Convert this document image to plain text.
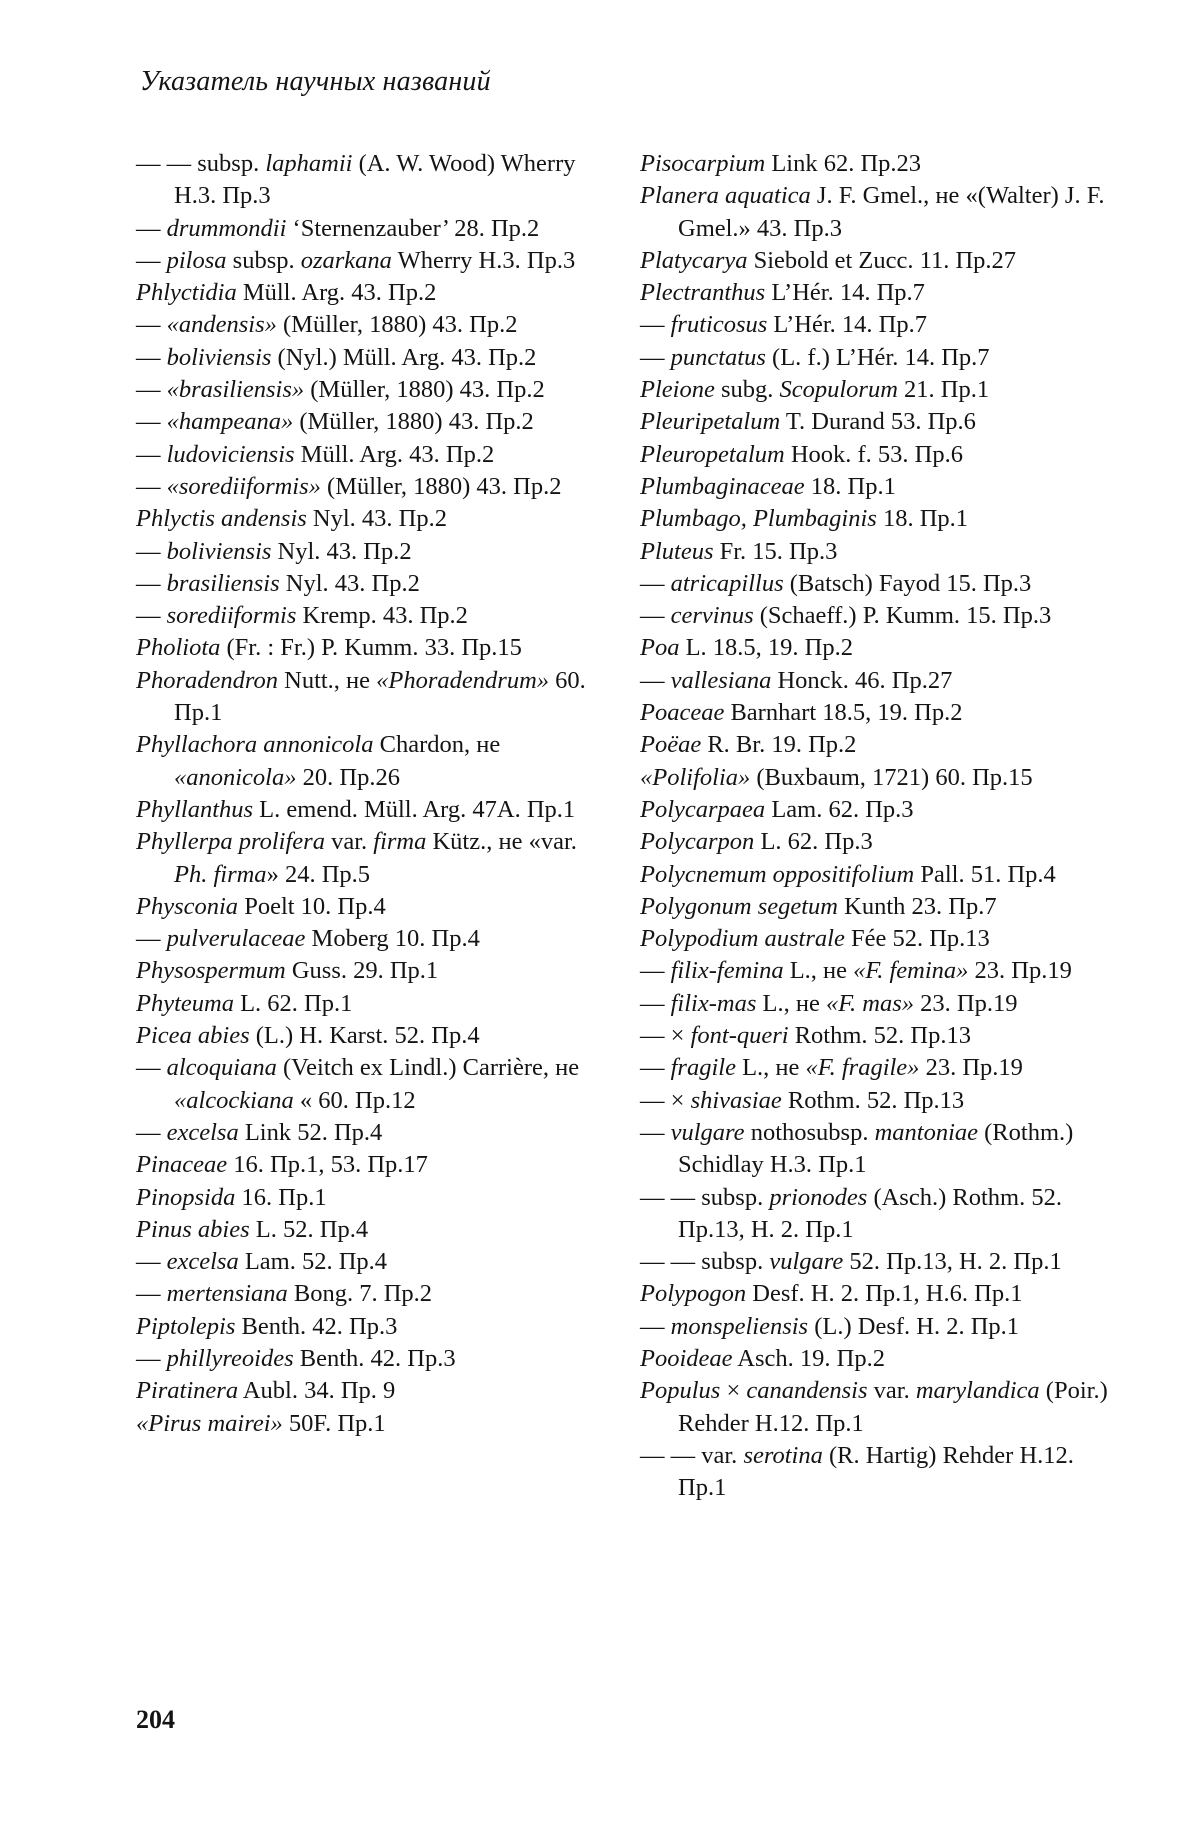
Указатель научных названий

— — subsp. laphamii (A. W. Wood) Wherry H.3. Пр.3

— drummondii ‘Sternenzauber’ 28. Пр.2

— pilosa subsp. ozarkana Wherry H.3. Пр.3

Phlyctidia Müll. Arg. 43. Пр.2

— «andensis» (Müller, 1880) 43. Пр.2

— boliviensis (Nyl.) Müll. Arg. 43. Пр.2

— «brasiliensis» (Müller, 1880) 43. Пр.2

— «hampeana» (Müller, 1880) 43. Пр.2

— ludoviciensis Müll. Arg. 43. Пр.2

— «sorediiformis» (Müller, 1880) 43. Пр.2

Phlyctis andensis Nyl. 43. Пр.2

— boliviensis Nyl. 43. Пр.2

— brasiliensis Nyl. 43. Пр.2

— sorediiformis Kremp. 43. Пр.2

Pholiota (Fr. : Fr.) P. Kumm. 33. Пр.15

Phoradendron Nutt., не «Phoradendrum» 60. Пр.1

Phyllachora annonicola Chardon, не «anonicola» 20. Пр.26

Phyllanthus L. emend. Müll. Arg. 47A. Пр.1

Phyllerpa prolifera var. firma Kütz., не «var. Ph. firma» 24. Пр.5

Physconia Poelt 10. Пр.4

— pulverulaceae Moberg 10. Пр.4

Physospermum Guss. 29. Пр.1

Phyteuma L. 62. Пр.1

Picea abies (L.) H. Karst. 52. Пр.4

— alcoquiana (Veitch ex Lindl.) Carrière, не «alcockiana « 60. Пр.12

— excelsa Link 52. Пр.4

Pinaceae 16. Пр.1, 53. Пр.17

Pinopsida 16. Пр.1

Pinus abies L. 52. Пр.4

— excelsa Lam. 52. Пр.4

— mertensiana Bong. 7. Пр.2

Piptolepis Benth. 42. Пр.3

— phillyreoides Benth. 42. Пр.3

Piratinera Aubl. 34. Пр. 9

«Pirus mairei» 50F. Пр.1

Pisocarpium Link 62. Пр.23

Planera aquatica J. F. Gmel., не «(Walter) J. F. Gmel.» 43. Пр.3

Platycarya Siebold et Zucc. 11. Пр.27

Plectranthus L’Hér. 14. Пр.7

— fruticosus L’Hér. 14. Пр.7

— punctatus (L. f.) L’Hér. 14. Пр.7

Pleione subg. Scopulorum 21. Пр.1

Pleuripetalum T. Durand 53. Пр.6

Pleuropetalum Hook. f. 53. Пр.6

Plumbaginaceae 18. Пр.1

Plumbago, Plumbaginis 18. Пр.1

Pluteus Fr. 15. Пр.3

— atricapillus (Batsch) Fayod 15. Пр.3

— cervinus (Schaeff.) P. Kumm. 15. Пр.3

Poa L. 18.5, 19. Пр.2

— vallesiana Honck. 46. Пр.27

Poaceae Barnhart 18.5, 19. Пр.2

Poëae R. Br. 19. Пр.2

«Polifolia» (Buxbaum, 1721) 60. Пр.15

Polycarpaea Lam. 62. Пр.3

Polycarpon L. 62. Пр.3

Polycnemum oppositifolium Pall. 51. Пр.4

Polygonum segetum Kunth 23. Пр.7

Polypodium australe Fée 52. Пр.13

— filix-femina L., не «F. femina» 23. Пр.19

— filix-mas L., не «F. mas» 23. Пр.19

— × font-queri Rothm. 52. Пр.13

— fragile L., не «F. fragile» 23. Пр.19

— × shivasiae Rothm. 52. Пр.13

— vulgare nothosubsp. mantoniae (Rothm.) Schidlay H.3. Пр.1

— — subsp. prionodes (Asch.) Rothm. 52. Пр.13, H. 2. Пр.1

— — subsp. vulgare 52. Пр.13, H. 2. Пр.1

Polypogon Desf. H. 2. Пр.1, H.6. Пр.1

— monspeliensis (L.) Desf. H. 2. Пр.1

Pooideae Asch. 19. Пр.2

Populus × canandensis var. marylandica (Poir.) Rehder H.12. Пр.1

— — var. serotina (R. Hartig) Rehder H.12. Пр.1

204
